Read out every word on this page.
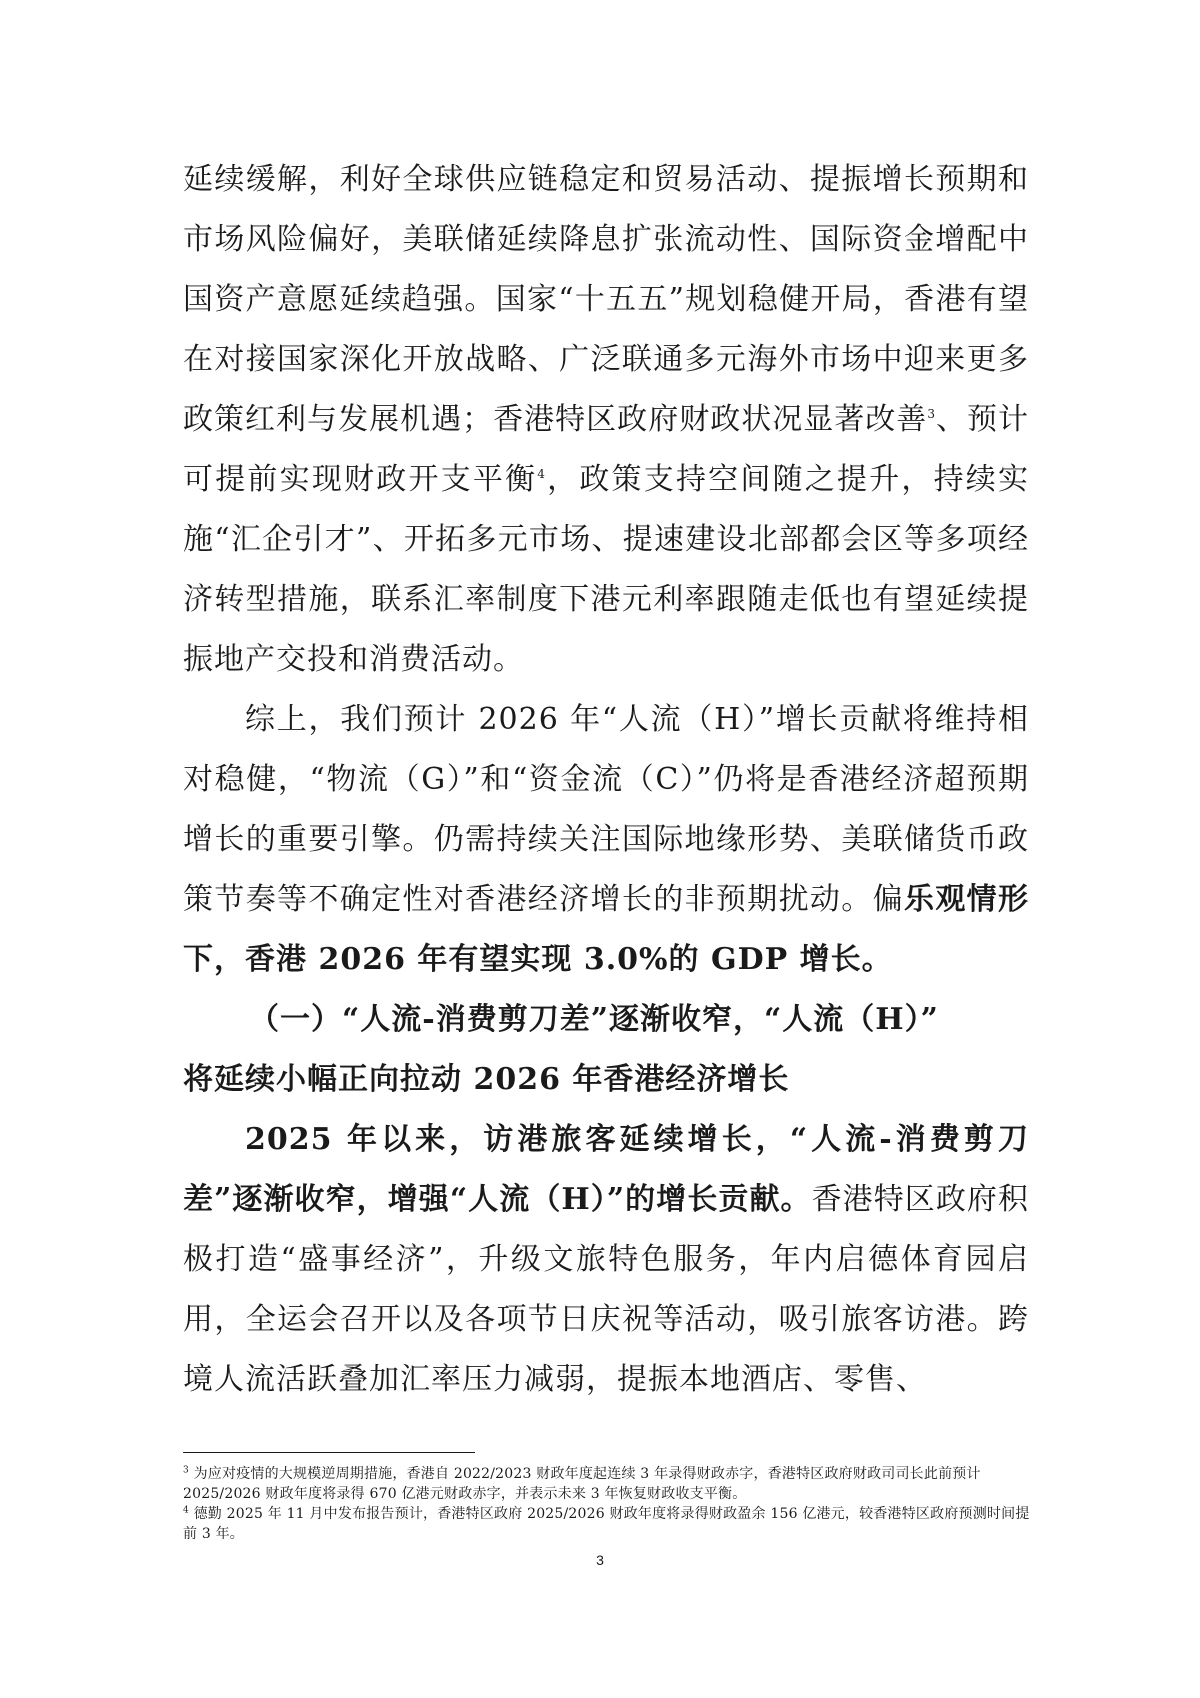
延续缓解，利好全球供应链稳定和贸易活动、提振增长预期和市场风险偏好，美联储延续降息扩张流动性、国际资金增配中国资产意愿延续趋强。国家“十五五”规划稳健开局，香港有望在对接国家深化开放战略、广泛联通多元海外市场中迎来更多政策红利与发展机遇；香港特区政府财政状况显著改善$^3$、预计可提前实现财政开支平衡$^4$，政策支持空间随之提升，持续实施“汇企引才”、开拓多元市场、提速建设北部都会区等多项经济转型措施，联系汇率制度下港元利率跟随走低也有望延续提振地产交投和消费活动。

综上，我们预计 2026 年“人流（H）”增长贡献将维持相对稳健，“物流（G）”和“资金流（C）”仍将是香港经济超预期增长的重要引擎。仍需持续关注国际地缘形势、美联储货币政策节奏等不确定性对香港经济增长的非预期扰动。偏乐观情形下，香港 2026 年有望实现 3.0%的 GDP 增长。

（一）“人流-消费剪刀差”逐渐收窄，“人流（H）”
将延续小幅正向拉动 2026 年香港经济增长

2025 年以来，访港旅客延续增长，“人流-消费剪刀差”逐渐收窄，增强“人流（H）”的增长贡献。香港特区政府积极打造“盛事经济”，升级文旅特色服务，年内启德体育园启用，全运会召开以及各项节日庆祝等活动，吸引旅客访港。跨境人流活跃叠加汇率压力减弱，提振本地酒店、零售、

$^3$ 为应对疫情的大规模逆周期措施，香港自 2022/2023 财政年度起连续 3 年录得财政赤字，香港特区政府财政司司长此前预计 2025/2026 财政年度将录得 670 亿港元财政赤字，并表示未来 3 年恢复财政收支平衡。

$^4$ 德勤 2025 年 11 月中发布报告预计，香港特区政府 2025/2026 财政年度将录得财政盈余 156 亿港元，较香港特区政府预测时间提前 3 年。

3
